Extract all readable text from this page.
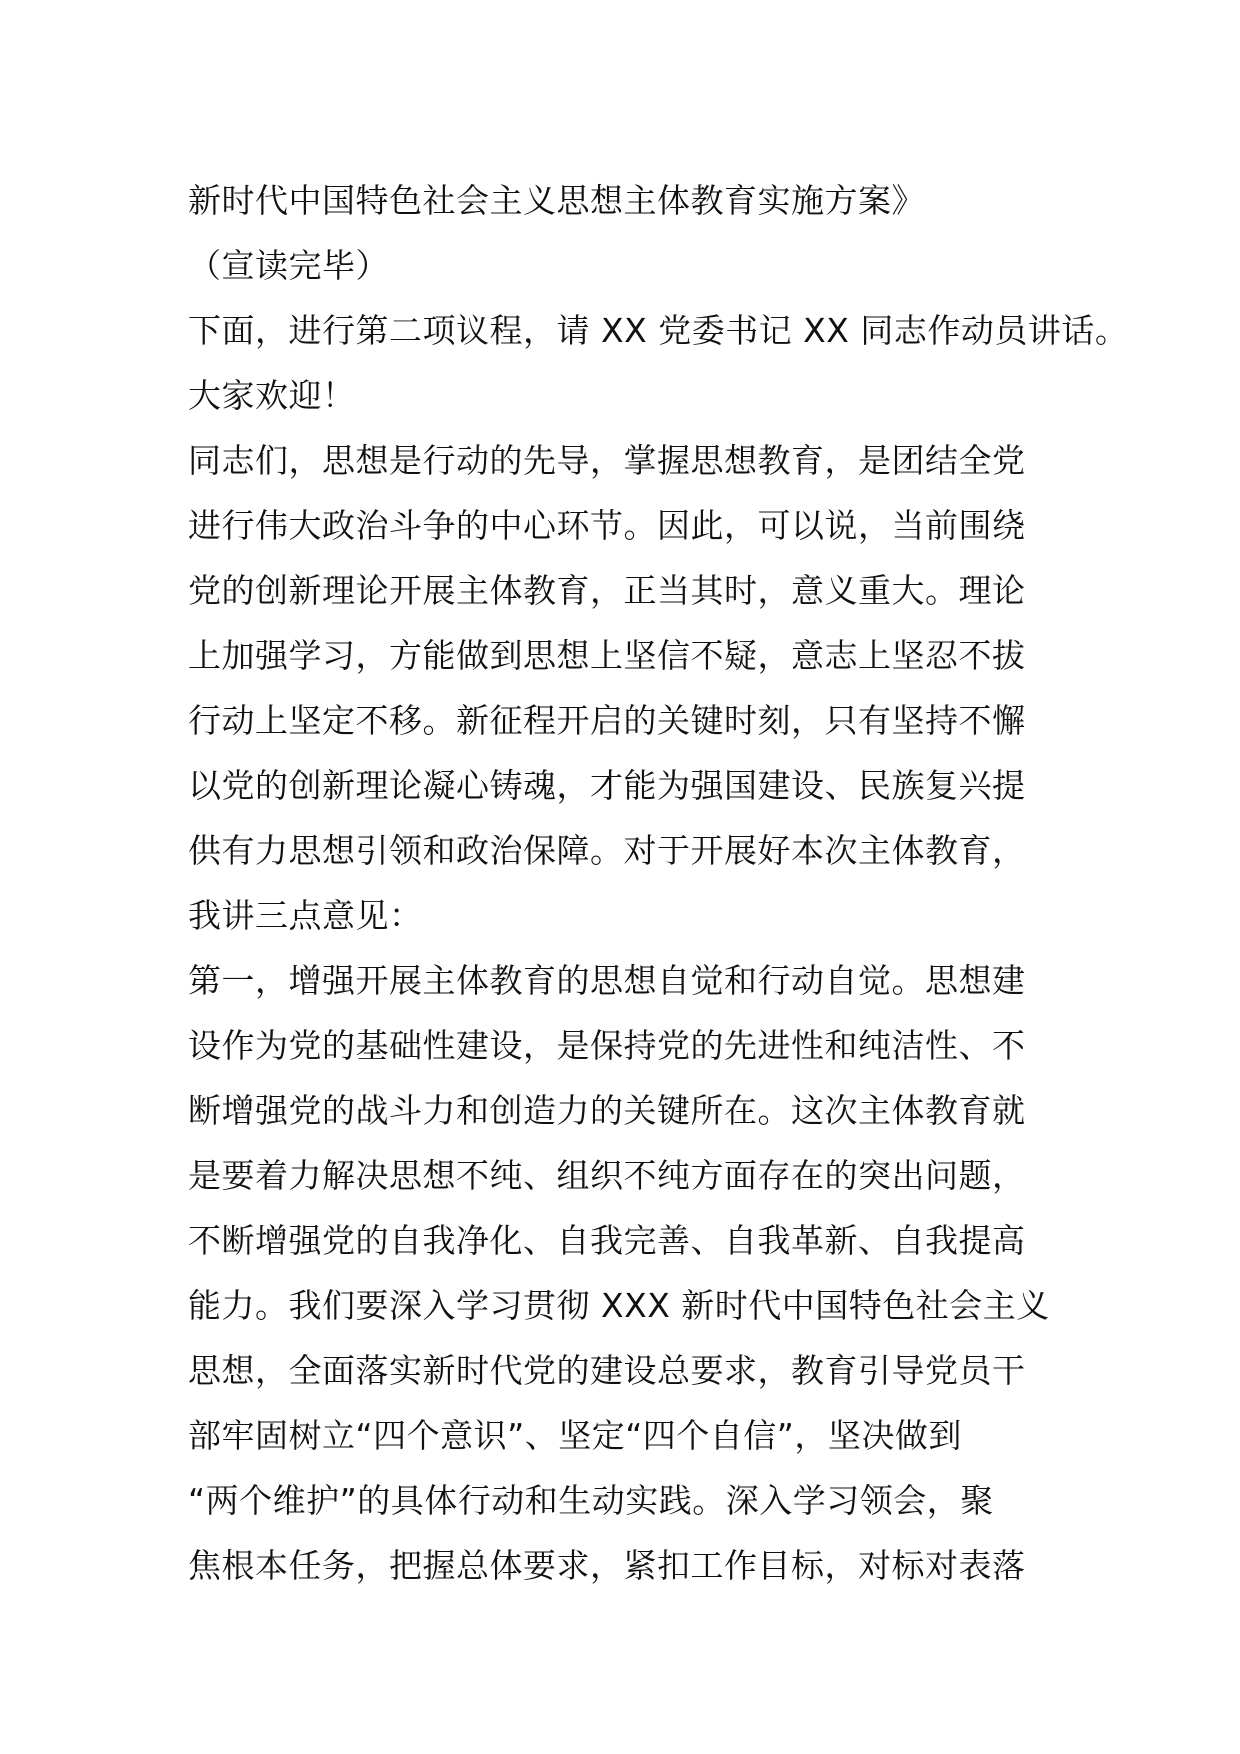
新时代中国特色社会主义思想主体教育实施方案》
（宣读完毕）
下面，进行第二项议程，请 XX 党委书记 XX 同志作动员讲话。
大家欢迎！
同志们，思想是行动的先导，掌握思想教育，是团结全党
进行伟大政治斗争的中心环节。因此，可以说，当前围绕
党的创新理论开展主体教育，正当其时，意义重大。理论
上加强学习，方能做到思想上坚信不疑，意志上坚忍不拔
行动上坚定不移。新征程开启的关键时刻，只有坚持不懈
以党的创新理论凝心铸魂，才能为强国建设、民族复兴提
供有力思想引领和政治保障。对于开展好本次主体教育，
我讲三点意见：
第一，增强开展主体教育的思想自觉和行动自觉。思想建
设作为党的基础性建设，是保持党的先进性和纯洁性、不
断增强党的战斗力和创造力的关键所在。这次主体教育就
是要着力解决思想不纯、组织不纯方面存在的突出问题，
不断增强党的自我净化、自我完善、自我革新、自我提高
能力。我们要深入学习贯彻 XXX 新时代中国特色社会主义
思想，全面落实新时代党的建设总要求，教育引导党员干
部牢固树立“四个意识”、坚定“四个自信”，坚决做到
“两个维护”的具体行动和生动实践。深入学习领会，聚
焦根本任务，把握总体要求，紧扣工作目标，对标对表落
